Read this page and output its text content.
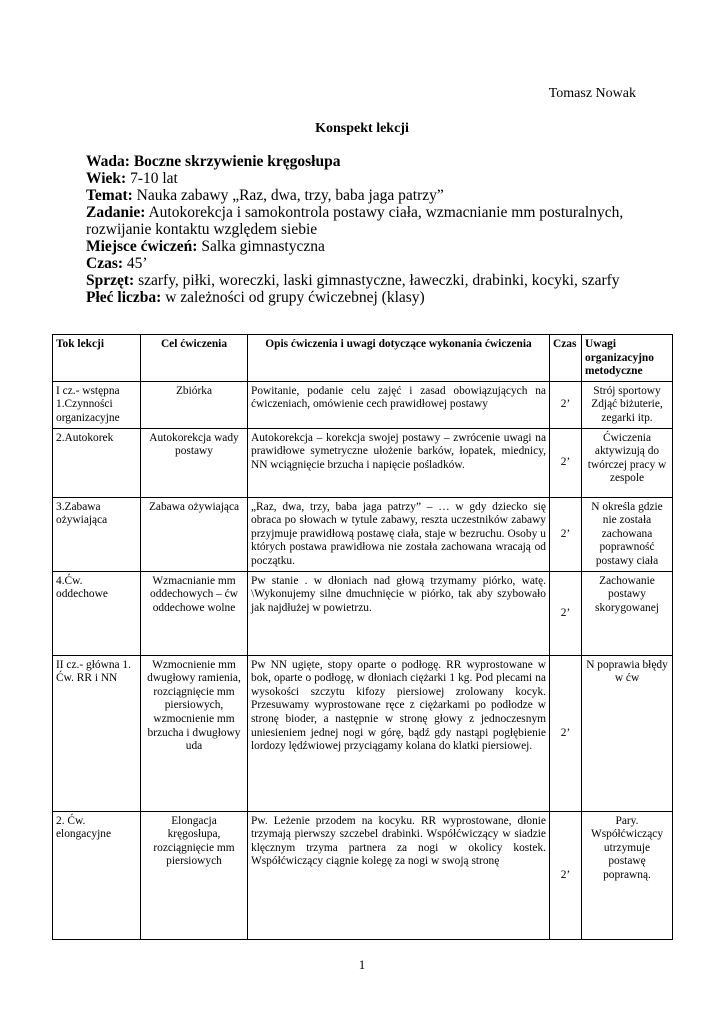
Tomasz Nowak
Konspekt lekcji

Wada: Boczne skrzywienie kręgosłupa

Wiek: 7-10 lat

Temat: Nauka zabawy „Raz, dwa, trzy, baba jaga patrzy”

Zadanie: Autokorekcja i samokontrola postawy ciała, wzmacnianie mm posturalnych, rozwijanie kontaktu względem siebie

Miejsce ćwiczeń: Salka gimnastyczna

Czas: 45’

Sprzęt: szarfy, piłki, woreczki, laski gimnastyczne, ławeczki, drabinki, kocyki, szarfy

Płeć liczba: w zależności od grupy ćwiczebnej (klasy)

Tok lekcji	Cel ćwiczenia	Opis ćwiczenia i uwagi dotyczące wykonania ćwiczenia	Czas	Uwagi organizacyjno metodyczne
I cz.- wstępna 1.Czynności organizacyjne	Zbiórka	Powitanie, podanie celu zajęć i zasad obowiązujących na ćwiczeniach, omówienie cech prawidłowej postawy	2’	Strój sportowy Zdjąć biżuterie, zegarki itp.
2.Autokorek	Autokorekcja wady postawy	Autokorekcja – korekcja swojej postawy – zwrócenie uwagi na prawidłowe symetryczne ułożenie barków, łopatek, miednicy, NN wciągnięcie brzucha i napięcie pośladków.	2’	Ćwiczenia aktywizują do twórczej pracy w zespole
3.Zabawa ożywiająca	Zabawa ożywiająca	„Raz, dwa, trzy, baba jaga patrzy” – … w gdy dziecko się obraca po słowach w tytule zabawy, reszta uczestników zabawy przyjmuje prawidłową postawę ciała, staje w bezruchu. Osoby u których postawa prawidłowa nie została zachowana wracają od początku.	2’	N określa gdzie nie została zachowana poprawność postawy ciała
4.Ćw. oddechowe	Wzmacnianie mm oddechowych – ćw oddechowe wolne	Pw stanie . w dłoniach nad głową trzymamy piórko, watę. \Wykonujemy silne dmuchnięcie w piórko, tak aby szybowało jak najdłużej w powietrzu.	2’	Zachowanie postawy skorygowanej
II cz.- główna 1. Ćw. RR i NN	Wzmocnienie mm dwugłowy ramienia, rozciągnięcie mm piersiowych, wzmocnienie mm brzucha i dwugłowy uda	Pw NN ugięte, stopy oparte o podłogę. RR wyprostowane w bok, oparte o podłogę, w dłoniach ciężarki 1 kg. Pod plecami na wysokości szczytu kifozy piersiowej zrolowany kocyk. Przesuwamy wyprostowane ręce z ciężarkami po podłodze w stronę bioder, a następnie w stronę głowy z jednoczesnym uniesieniem jednej nogi w górę, bądź gdy nastąpi pogłębienie lordozy lędźwiowej przyciągamy kolana do klatki piersiowej.	2’	N poprawia błędy w ćw
2. Ćw. elongacyjne	Elongacja kręgosłupa, rozciągnięcie mm piersiowych	Pw. Leżenie przodem na kocyku. RR wyprostowane, dłonie trzymają pierwszy szczebel drabinki. Współćwiczący w siadzie klęcznym trzyma partnera za nogi w okolicy kostek. Współćwiczący ciągnie kolegę za nogi w swoją stronę	2’	Pary. Współćwiczący utrzymuje postawę poprawną.
1
